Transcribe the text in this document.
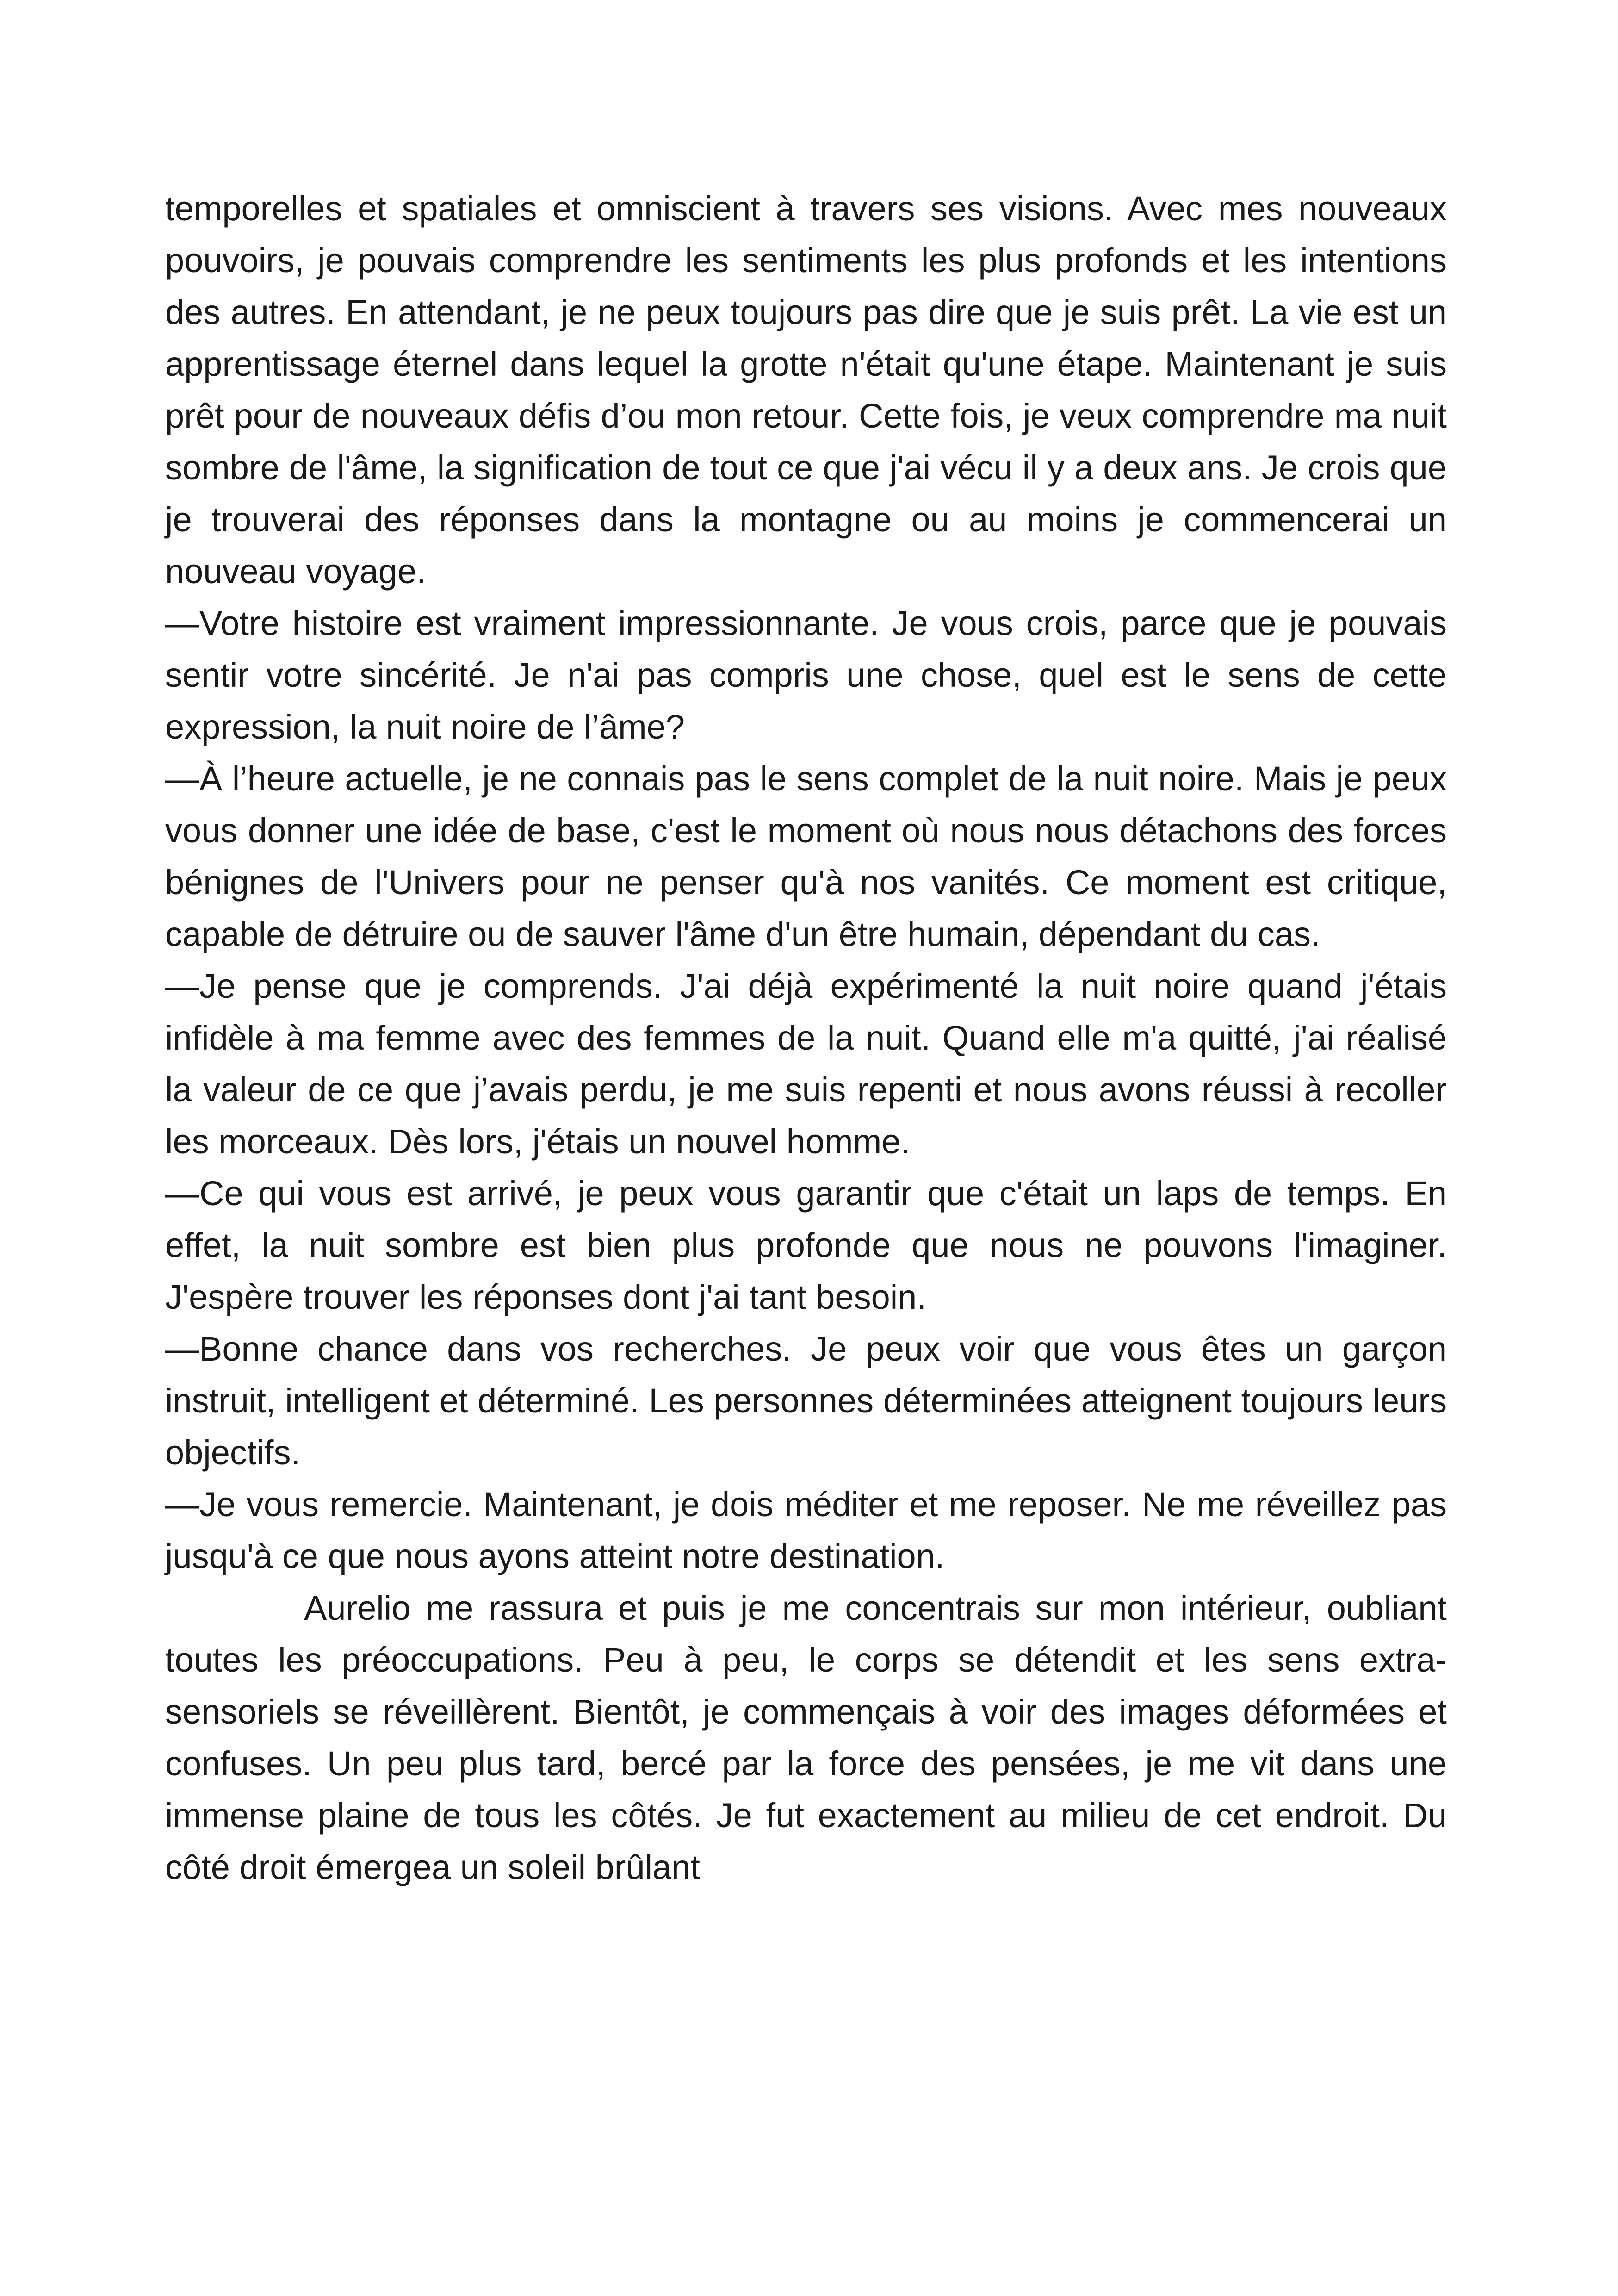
temporelles et spatiales et omniscient à travers ses visions. Avec mes nouveaux pouvoirs, je pouvais comprendre les sentiments les plus profonds et les intentions des autres. En attendant, je ne peux toujours pas dire que je suis prêt. La vie est un apprentissage éternel dans lequel la grotte n'était qu'une étape. Maintenant je suis prêt pour de nouveaux défis d’ou mon retour. Cette fois, je veux comprendre ma nuit sombre de l'âme, la signification de tout ce que j'ai vécu il y a deux ans. Je crois que je trouverai des réponses dans la montagne ou au moins je commencerai un nouveau voyage.

—Votre histoire est vraiment impressionnante. Je vous crois, parce que je pouvais sentir votre sincérité. Je n'ai pas compris une chose, quel est le sens de cette expression, la nuit noire de l’âme?

—À l’heure actuelle, je ne connais pas le sens complet de la nuit noire. Mais je peux vous donner une idée de base, c'est le moment où nous nous détachons des forces bénignes de l'Univers pour ne penser qu'à nos vanités. Ce moment est critique, capable de détruire ou de sauver l'âme d'un être humain, dépendant du cas.

—Je pense que je comprends. J'ai déjà expérimenté la nuit noire quand j'étais infidèle à ma femme avec des femmes de la nuit. Quand elle m'a quitté, j'ai réalisé la valeur de ce que j’avais perdu, je me suis repenti et nous avons réussi à recoller les morceaux. Dès lors, j'étais un nouvel homme.

—Ce qui vous est arrivé, je peux vous garantir que c'était un laps de temps. En effet, la nuit sombre est bien plus profonde que nous ne pouvons l'imaginer. J'espère trouver les réponses dont j'ai tant besoin.

—Bonne chance dans vos recherches. Je peux voir que vous êtes un garçon instruit, intelligent et déterminé. Les personnes déterminées atteignent toujours leurs objectifs.

—Je vous remercie. Maintenant, je dois méditer et me reposer. Ne me réveillez pas jusqu'à ce que nous ayons atteint notre destination.

Aurelio me rassura et puis je me concentrais sur mon intérieur, oubliant toutes les préoccupations. Peu à peu, le corps se détendit et les sens extra-sensoriels se réveillèrent. Bientôt, je commençais à voir des images déformées et confuses. Un peu plus tard, bercé par la force des pensées, je me vit dans une immense plaine de tous les côtés. Je fut exactement au milieu de cet endroit. Du côté droit émergea un soleil brûlant
